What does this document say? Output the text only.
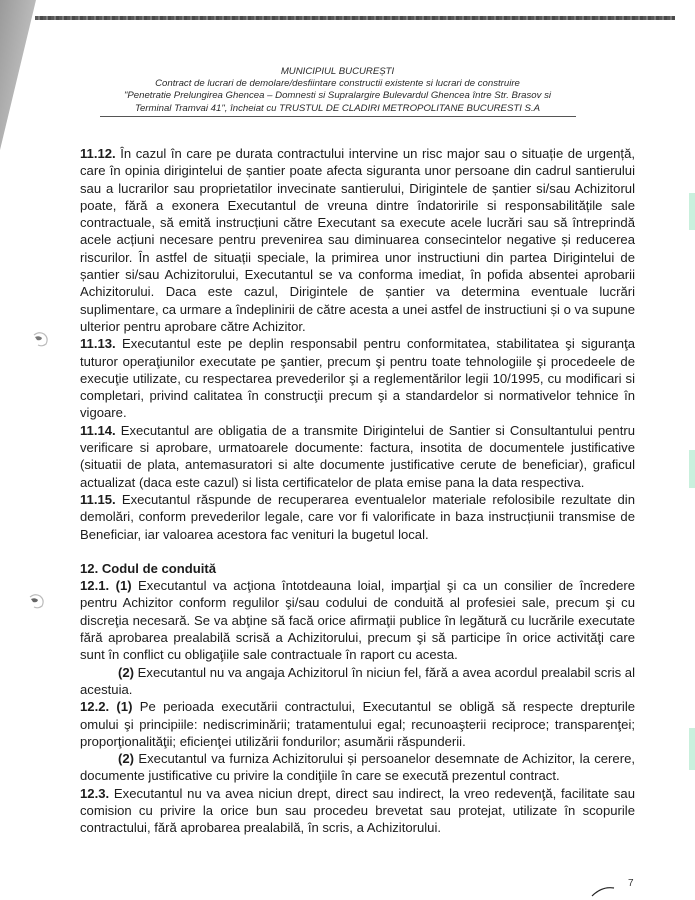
MUNICIPIUL BUCUREȘTI
Contract de lucrari de demolare/desfiintare constructii existente si lucrari de construire
"Penetratie Prelungirea Ghencea – Domnesti si Supralargire Bulevardul Ghencea între Str. Brasov si
Terminal Tramvai 41", încheiat cu TRUSTUL DE CLADIRI METROPOLITANE BUCURESTI S.A

11.12. În cazul în care pe durata contractului intervine un risc major sau o situație de urgență, care în opinia dirigintelui de șantier poate afecta siguranta unor persoane din cadrul santierului sau a lucrarilor sau proprietatilor invecinate santierului, Dirigintele de șantier si/sau Achizitorul poate, fără a exonera Executantul de vreuna dintre îndatoririle si responsabilitățile sale contractuale, să emită instrucțiuni către Executant sa execute acele lucrări sau să întreprindă acele acțiuni necesare pentru prevenirea sau diminuarea consecintelor negative și reducerea riscurilor. În astfel de situații speciale, la primirea unor instructiuni din partea Dirigintelui de șantier si/sau Achizitorului, Executantul se va conforma imediat, în pofida absentei aprobarii Achizitorului. Daca este cazul, Dirigintele de șantier va determina eventuale lucrări suplimentare, ca urmare a îndeplinirii de către acesta a unei astfel de instructiuni și o va supune ulterior pentru aprobare către Achizitor.

11.13. Executantul este pe deplin responsabil pentru conformitatea, stabilitatea şi siguranţa tuturor operaţiunilor executate pe şantier, precum şi pentru toate tehnologiile şi procedeele de execuţie utilizate, cu respectarea prevederilor şi a reglementărilor legii 10/1995, cu modificari si completari, privind calitatea în construcţii precum şi a standardelor si normativelor tehnice în vigoare.

11.14. Executantul are obligatia de a transmite Dirigintelui de Santier si Consultantului pentru verificare si aprobare, urmatoarele documente: factura, insotita de documentele justificative (situatii de plata, antemasuratori si alte documente justificative cerute de beneficiar), graficul actualizat (daca este cazul) si lista certificatelor de plata emise pana la data respectiva.

11.15. Executantul răspunde de recuperarea eventualelor materiale refolosibile rezultate din demolări, conform prevederilor legale, care vor fi valorificate in baza instrucțiunii transmise de Beneficiar, iar valoarea acestora fac venituri la bugetul local.

12. Codul de conduită

12.1. (1) Executantul va acţiona întotdeauna loial, imparţial şi ca un consilier de încredere pentru Achizitor conform regulilor şi/sau codului de conduită al profesiei sale, precum şi cu discreţia necesară. Se va abţine să facă orice afirmaţii publice în legătură cu lucrările executate fără aprobarea prealabilă scrisă a Achizitorului, precum şi să participe în orice activităţi care sunt în conflict cu obligaţiile sale contractuale în raport cu acesta.

(2) Executantul nu va angaja Achizitorul în niciun fel, fără a avea acordul prealabil scris al acestuia.

12.2. (1) Pe perioada executării contractului, Executantul se obligă să respecte drepturile omului şi principiile: nediscriminării; tratamentului egal; recunoaşterii reciproce; transparenţei; proporţionalităţii; eficienţei utilizării fondurilor; asumării răspunderii.

(2) Executantul va furniza Achizitorului și persoanelor desemnate de Achizitor, la cerere, documente justificative cu privire la condiţiile în care se execută prezentul contract.

12.3. Executantul nu va avea niciun drept, direct sau indirect, la vreo redevenţă, facilitate sau comision cu privire la orice bun sau procedeu brevetat sau protejat, utilizate în scopurile contractului, fără aprobarea prealabilă, în scris, a Achizitorului.

7
